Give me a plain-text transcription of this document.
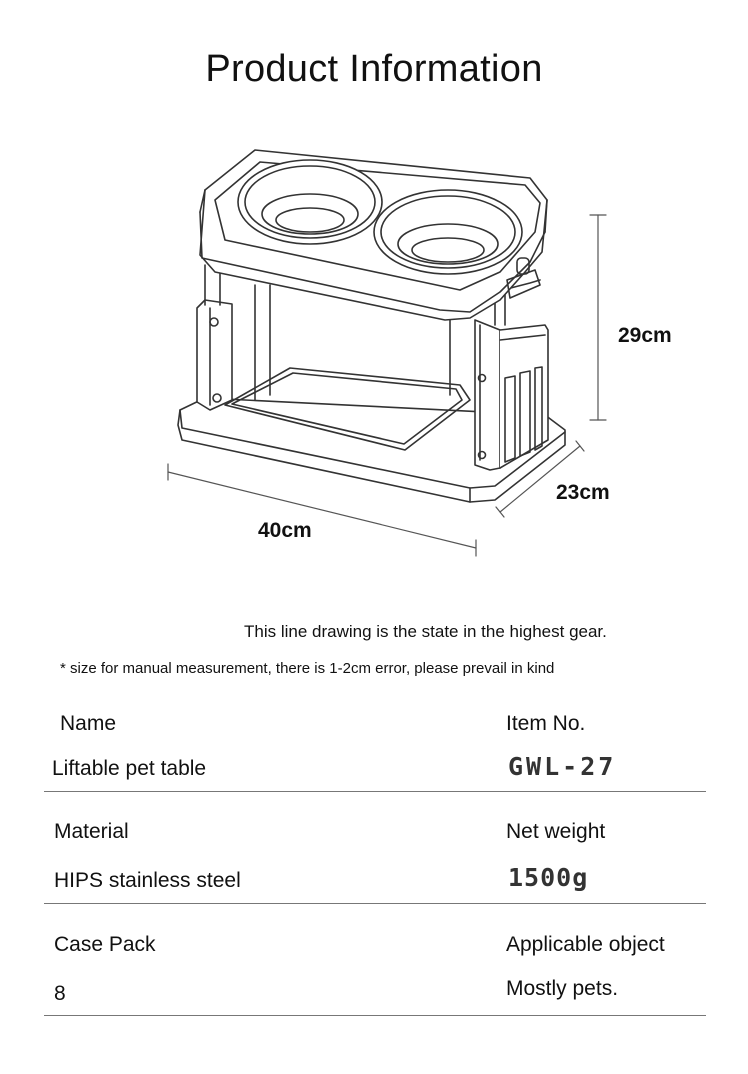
Product Information
29cm
23cm
40cm
This line drawing is the state in the highest gear.
* size for manual measurement, there is 1-2cm error, please prevail in kind
Name
Liftable pet table
Item No.
GWL-27
Material
HIPS stainless steel
Net weight
1500g
Case Pack
8
Applicable object
Mostly pets.
